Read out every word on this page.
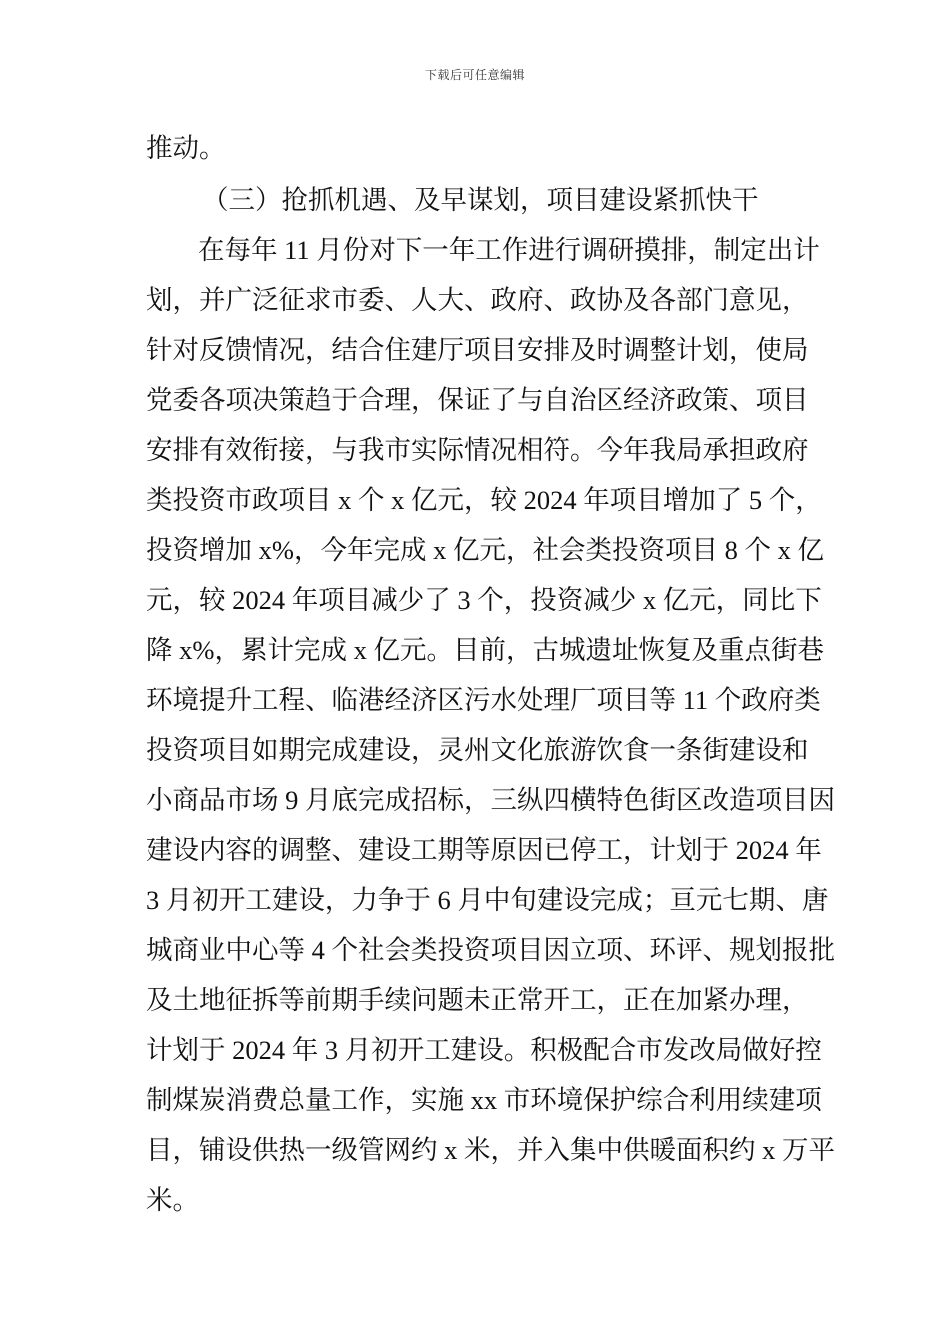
下载后可任意编辑
推动。
（三）抢抓机遇、及早谋划，项目建设紧抓快干
在每年 11 月份对下一年工作进行调研摸排，制定出计
划，并广泛征求市委、人大、政府、政协及各部门意见，
针对反馈情况，结合住建厅项目安排及时调整计划，使局
党委各项决策趋于合理，保证了与自治区经济政策、项目
安排有效衔接，与我市实际情况相符。今年我局承担政府
类投资市政项目 x 个 x 亿元，较 2024 年项目增加了 5 个，
投资增加 x%，今年完成 x 亿元，社会类投资项目 8 个 x 亿
元，较 2024 年项目减少了 3 个，投资减少 x 亿元，同比下
降 x%，累计完成 x 亿元。目前，古城遗址恢复及重点街巷
环境提升工程、临港经济区污水处理厂项目等 11 个政府类
投资项目如期完成建设，灵州文化旅游饮食一条街建设和
小商品市场 9 月底完成招标，三纵四横特色街区改造项目因
建设内容的调整、建设工期等原因已停工，计划于 2024 年
3 月初开工建设，力争于 6 月中旬建设完成；亘元七期、唐
城商业中心等 4 个社会类投资项目因立项、环评、规划报批
及土地征拆等前期手续问题未正常开工，正在加紧办理，
计划于 2024 年 3 月初开工建设。积极配合市发改局做好控
制煤炭消费总量工作，实施 xx 市环境保护综合利用续建项
目，铺设供热一级管网约 x 米，并入集中供暖面积约 x 万平
米。
